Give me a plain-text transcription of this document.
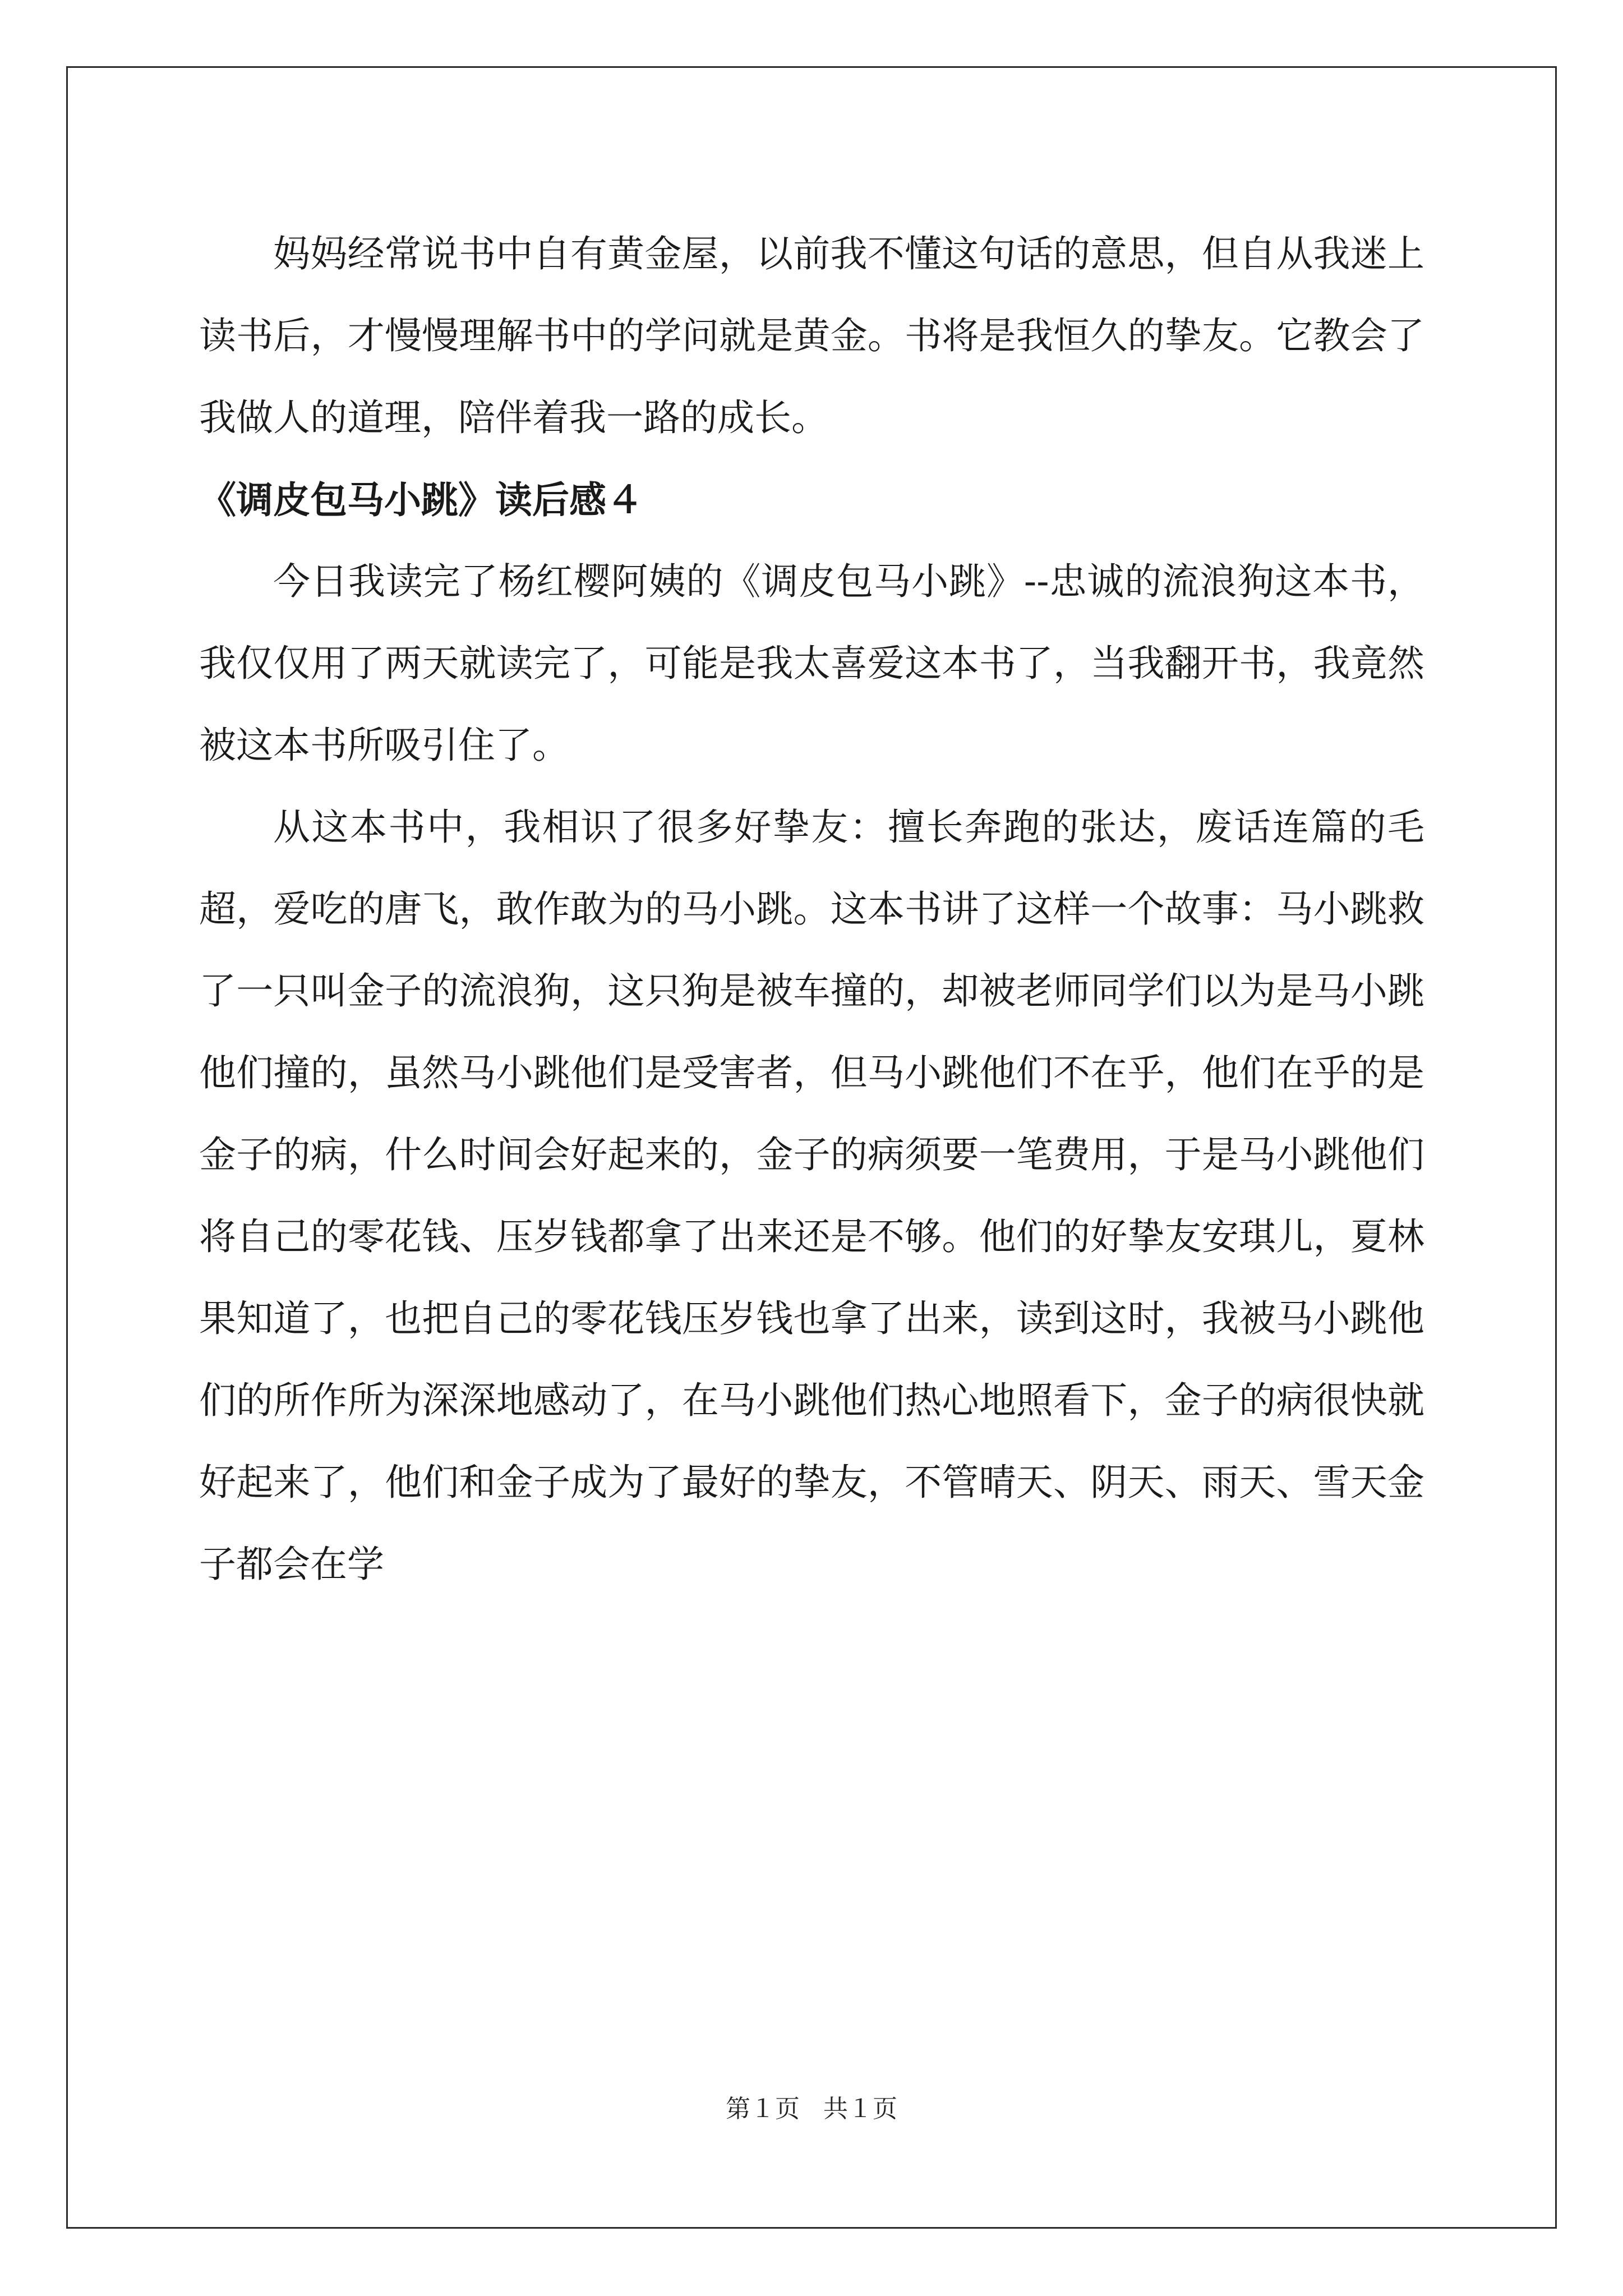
妈妈经常说书中自有黄金屋，以前我不懂这句话的意思，但自从我迷上读书后，才慢慢理解书中的学问就是黄金。书将是我恒久的挚友。它教会了我做人的道理，陪伴着我一路的成长。

《调皮包马小跳》读后感４

今日我读完了杨红樱阿姨的《调皮包马小跳》--忠诚的流浪狗这本书，我仅仅用了两天就读完了，可能是我太喜爱这本书了，当我翻开书，我竟然被这本书所吸引住了。

从这本书中，我相识了很多好挚友：擅长奔跑的张达，废话连篇的毛超，爱吃的唐飞，敢作敢为的马小跳。这本书讲了这样一个故事：马小跳救了一只叫金子的流浪狗，这只狗是被车撞的，却被老师同学们以为是马小跳他们撞的，虽然马小跳他们是受害者，但马小跳他们不在乎，他们在乎的是金子的病，什么时间会好起来的，金子的病须要一笔费用，于是马小跳他们将自己的零花钱、压岁钱都拿了出来还是不够。他们的好挚友安琪儿，夏林果知道了，也把自己的零花钱压岁钱也拿了出来，读到这时，我被马小跳他们的所作所为深深地感动了，在马小跳他们热心地照看下，金子的病很快就好起来了，他们和金子成为了最好的挚友，不管晴天、阴天、雨天、雪天金子都会在学

第１页 共１页
